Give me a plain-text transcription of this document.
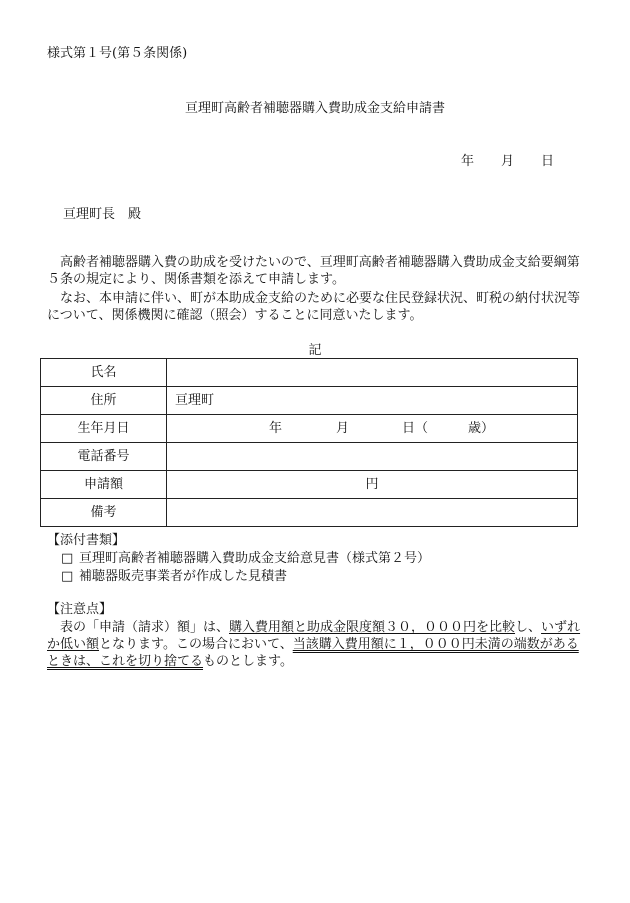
様式第１号(第５条関係)
亘理町高齢者補聴器購入費助成金支給申請書
年 月 日
亘理町長　殿
高齢者補聴器購入費の助成を受けたいので、亘理町高齢者補聴器購入費助成金支給要綱第５条の規定により、関係書類を添えて申請します。
なお、本申請に伴い、町が本助成金支給のために必要な住民登録状況、町税の納付状況等について、関係機関に確認（照会）することに同意いたします。
記
氏名	
住所	亘理町
生年月日	年 月 日（ 歳）

電話番号	
申請額	円
備考	
【添付書類】
□ 亘理町高齢者補聴器購入費助成金支給意見書（様式第２号）
□ 補聴器販売事業者が作成した見積書
【注意点】
表の「申請（請求）額」は、購入費用額と助成金限度額３０，０００円を比較し、いずれか低い額となります。この場合において、当該購入費用額に１，０００円未満の端数があるときは、これを切り捨てるものとします。
